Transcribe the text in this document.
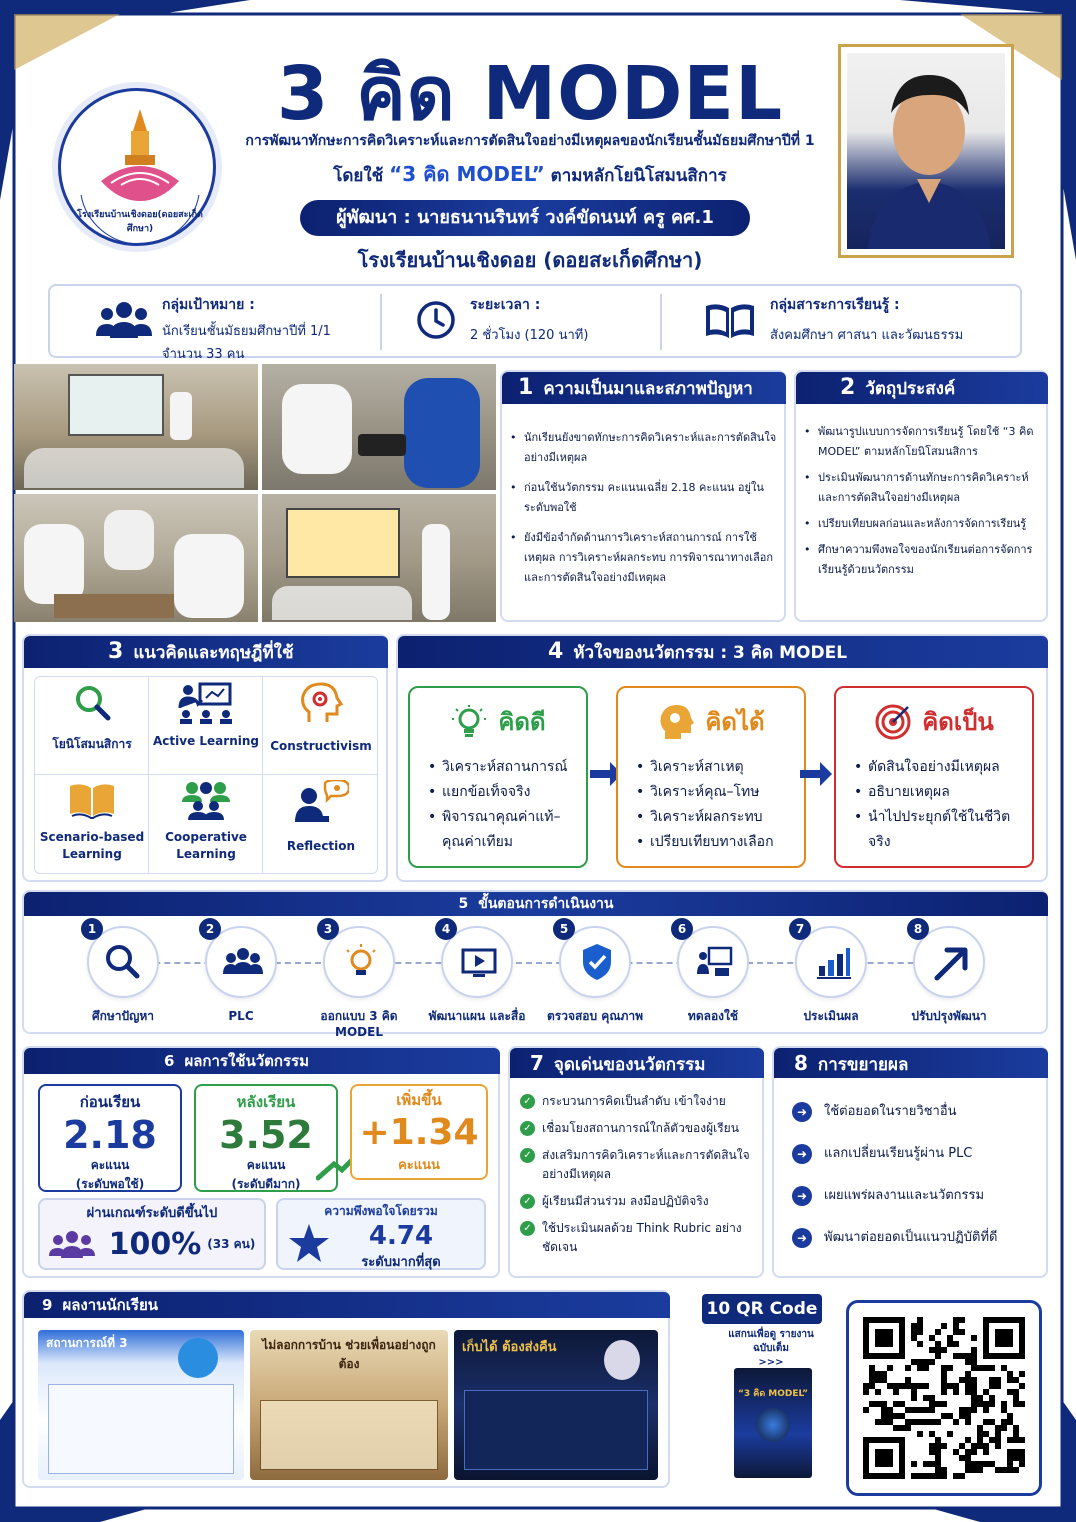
โรงเรียนบ้านเชิงดอย(ดอยสะเก็ดศึกษา)
3 คิด MODEL
การพัฒนาทักษะการคิดวิเคราะห์และการตัดสินใจอย่างมีเหตุผลของนักเรียนชั้นมัธยมศึกษาปีที่ 1
โดยใช้ “3 คิด MODEL” ตามหลักโยนิโสมนสิการ
ผู้พัฒนา : นายธนานรินทร์ วงค์ขัดนนท์ ครู คศ.1
โรงเรียนบ้านเชิงดอย (ดอยสะเก็ดศึกษา)
กลุ่มเป้าหมาย :
นักเรียนชั้นมัธยมศึกษาปีที่ 1/1
จำนวน 33 คน
ระยะเวลา :
2 ชั่วโมง (120 นาที)
กลุ่มสาระการเรียนรู้ :
สังคมศึกษา ศาสนา และวัฒนธรรม
1 ความเป็นมาและสภาพปัญหา
• นักเรียนยังขาดทักษะการคิดวิเคราะห์และการตัดสินใจอย่างมีเหตุผล
• ก่อนใช้นวัตกรรม คะแนนเฉลี่ย 2.18 คะแนน อยู่ในระดับพอใช้
• ยังมีข้อจำกัดด้านการวิเคราะห์สถานการณ์ การใช้เหตุผล การวิเคราะห์ผลกระทบ การพิจารณาทางเลือก และการตัดสินใจอย่างมีเหตุผล
2 วัตถุประสงค์
• พัฒนารูปแบบการจัดการเรียนรู้ โดยใช้ “3 คิด MODEL” ตามหลักโยนิโสมนสิการ
• ประเมินพัฒนาการด้านทักษะการคิดวิเคราะห์และการตัดสินใจอย่างมีเหตุผล
• เปรียบเทียบผลก่อนและหลังการจัดการเรียนรู้
• ศึกษาความพึงพอใจของนักเรียนต่อการจัดการเรียนรู้ด้วยนวัตกรรม
3 แนวคิดและทฤษฎีที่ใช้
โยนิโสมนสิการ	Active Learning Constructivism
Scenario-based Learning
Cooperative Learning
Reflection
4 หัวใจของนวัตกรรม : 3 คิด MODEL
คิดดี
• วิเคราะห์สถานการณ์
• แยกข้อเท็จจริง
• พิจารณาคุณค่าแท้–คุณค่าเทียม
คิดได้
• วิเคราะห์สาเหตุ
• วิเคราะห์คุณ–โทษ
• วิเคราะห์ผลกระทบ
• เปรียบเทียบทางเลือก
คิดเป็น
• ตัดสินใจอย่างมีเหตุผล
• อธิบายเหตุผล
• นำไปประยุกต์ใช้ในชีวิตจริง
5 ขั้นตอนการดำเนินงาน
1
ศึกษาปัญหา
2
PLC
3
ออกแบบ 3 คิด MODEL
4
พัฒนาแผน และสื่อ
5
ตรวจสอบ คุณภาพ
6
ทดลองใช้
7
ประเมินผล
8
ปรับปรุงพัฒนา
6 ผลการใช้นวัตกรรม
ก่อนเรียน
2.18
คะแนน
(ระดับพอใช้)
หลังเรียน
3.52
คะแนน
(ระดับดีมาก)
เพิ่มขึ้น
+1.34
คะแนน
ผ่านเกณฑ์ระดับดีขึ้นไป
100% (33 คน)
ความพึงพอใจโดยรวม
4.74
ระดับมากที่สุด
7 จุดเด่นของนวัตกรรม
✓ กระบวนการคิดเป็นลำดับ เข้าใจง่าย
✓ เชื่อมโยงสถานการณ์ใกล้ตัวของผู้เรียน
✓ ส่งเสริมการคิดวิเคราะห์และการตัดสินใจอย่างมีเหตุผล
✓ ผู้เรียนมีส่วนร่วม ลงมือปฏิบัติจริง
✓ ใช้ประเมินผลด้วย Think Rubric อย่างชัดเจน
8 การขยายผล
➜	ใช้ต่อยอดในรายวิชาอื่น
➜	แลกเปลี่ยนเรียนรู้ผ่าน PLC
➜	เผยแพร่ผลงานและนวัตกรรม
➜	พัฒนาต่อยอดเป็นแนวปฏิบัติที่ดี
9 ผลงานนักเรียน
สถานการณ์ที่ 3	ไม่ลอกการบ้าน ช่วยเพื่อนอย่างถูกต้อง
เก็บได้ ต้องส่งคืน
10 QR Code
แสกนเพื่อดู รายงานฉบับเต็ม
>>>
“3 คิด MODEL”
